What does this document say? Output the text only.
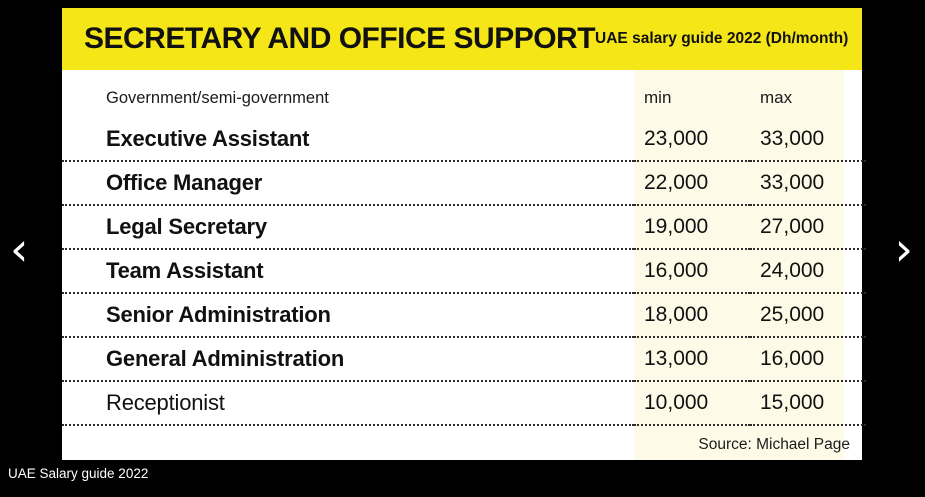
‹	›
SECRETARY AND OFFICE SUPPORT UAE salary guide 2022 (Dh/month)
Government/semi-government	min	max
Executive Assistant	23,000	33,000
Office Manager	22,000	33,000
Legal Secretary	19,000	27,000
Team Assistant	16,000	24,000
Senior Administration	18,000	25,000
General Administration	13,000	16,000
Receptionist	10,000	15,000
Source: Michael Page		
UAE Salary guide 2022
